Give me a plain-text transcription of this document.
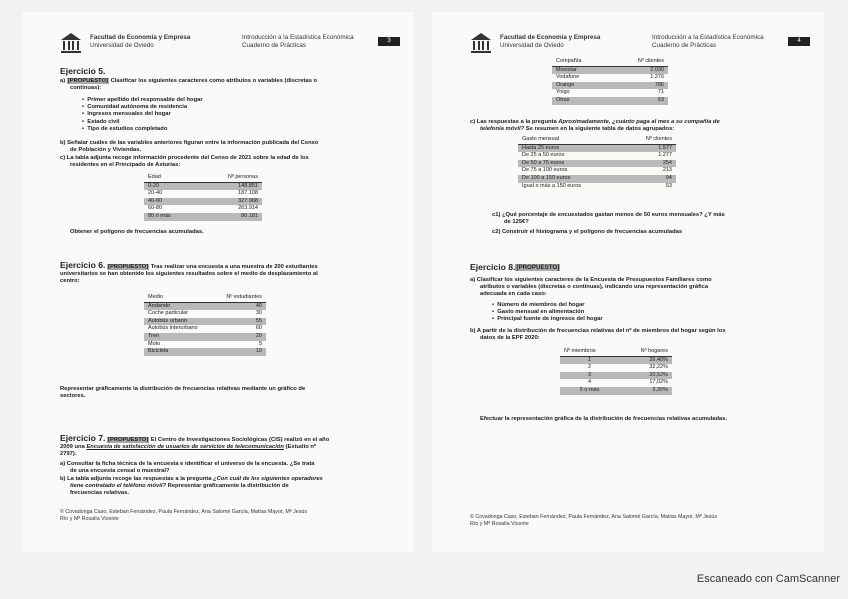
Facultad de Economía y Empresa
Universidad de Oviedo
Introducción a la Estadística Económica
Cuaderno de Prácticas
3
Ejercicio 5.
a) [PROPUESTO] Clasificar los siguientes caracteres como atributos o variables (discretas o
continuas):
•  Primer apellido del responsable del hogar
•  Comunidad autónoma de residencia
•  Ingresos mensuales del hogar
•  Estado civil
•  Tipo de estudios completado
b) Señalar cuáles de las variables anteriores figuran entre la información publicada del Censo
de Población y Viviendas.
c) La tabla adjunta recoge información procedente del Censo de 2021 sobre la edad de los
residentes en el Principado de Asturias:
Edad	Nº personas
0-20	148.851
20-40	187.108
40-60	327.968
60-80	263.914
80 ó más	80.181
Obtener el polígono de frecuencias acumuladas.
Ejercicio 6. [PROPUESTO] Tras realizar una encuesta a una muestra de 200 estudiantes
universitarios se han obtenido los siguientes resultados sobre el medio de desplazamiento al
centro:
Medio	Nº estudiantes
Andando	40
Coche particular	30
Autobús urbano	55
Autobús interurbano	60
Tren	20
Moto	5
Bicicleta	10
Representar gráficamente la distribución de frecuencias relativas mediante un gráfico de
sectores.
Ejercicio 7. [PROPUESTO] El Centro de Investigaciones Sociológicas (CIS) realizó en el año
2009 una Encuesta de satisfacción de usuarios de servicios de telecomunicación (Estudio nº
2797).
a) Consultar la ficha técnica de la encuesta e identificar el universo de la encuesta. ¿Se trata
de una encuesta censal o muestral?
b) La tabla adjunta recoge las respuestas a la pregunta ¿Con cuál de los siguientes operadores
tiene contratado el teléfono móvil? Representar gráficamente la distribución de
frecuencias relativas.
© Covadonga Caso, Esteban Fernández, Paula Fernández, Ana Salomé García, Matías Mayor, Mª Jesús
Río y Mª Rosalía Vicente
Facultad de Economía y Empresa
Universidad de Oviedo
Introducción a la Estadística Económica
Cuaderno de Prácticas
4
Compañía	Nº clientes
Movistar	2.030
Vodafone	1.276
Orange	786
Yoigo	71
Otras	53
c) Las respuestas a la pregunta Aproximadamente, ¿cuánto paga al mes a su compañía de
telefonía móvil? Se resumen en la siguiente tabla de datos agrupados:
Gasto mensual	Nº clientes
Hasta 25 euros	1.577
De 25 a 50 euros	1.277
De 50 a 75 euros	254
De 75 a 100 euros	213
De 100 a 150 euros	94
Igual o más a 150 euros	53
c1) ¿Qué porcentaje de encuestados gastan menos de 50 euros mensuales? ¿Y más
de 125€?
c2) Construir el histograma y el polígono de frecuencias acumuladas
Ejercicio 8.[PROPUESTO]
a) Clasificar los siguientes caracteres de la Encuesta de Presupuestos Familiares como
atributos o variables (discretas o continuas), indicando una representación gráfica
adecuada en cada caso:
•  Número de miembros del hogar
•  Gasto mensual en alimentación
•  Principal fuente de ingresos del hogar
b) A partir de la distribución de frecuencias relativas del nº de miembros del hogar según los
datos de la EPF 2020:
Nº miembros	Nº hogares
1	26,40%
2	32,22%
3	20,52%
4	17,02%
5 o más	3,30%
Efectuar la representación gráfica de la distribución de frecuencias relativas acumuladas.
© Covadonga Caso, Esteban Fernández, Paula Fernández, Ana Salomé García, Matías Mayor, Mª Jesús
Río y Mª Rosalía Vicente
Escaneado con CamScanner
